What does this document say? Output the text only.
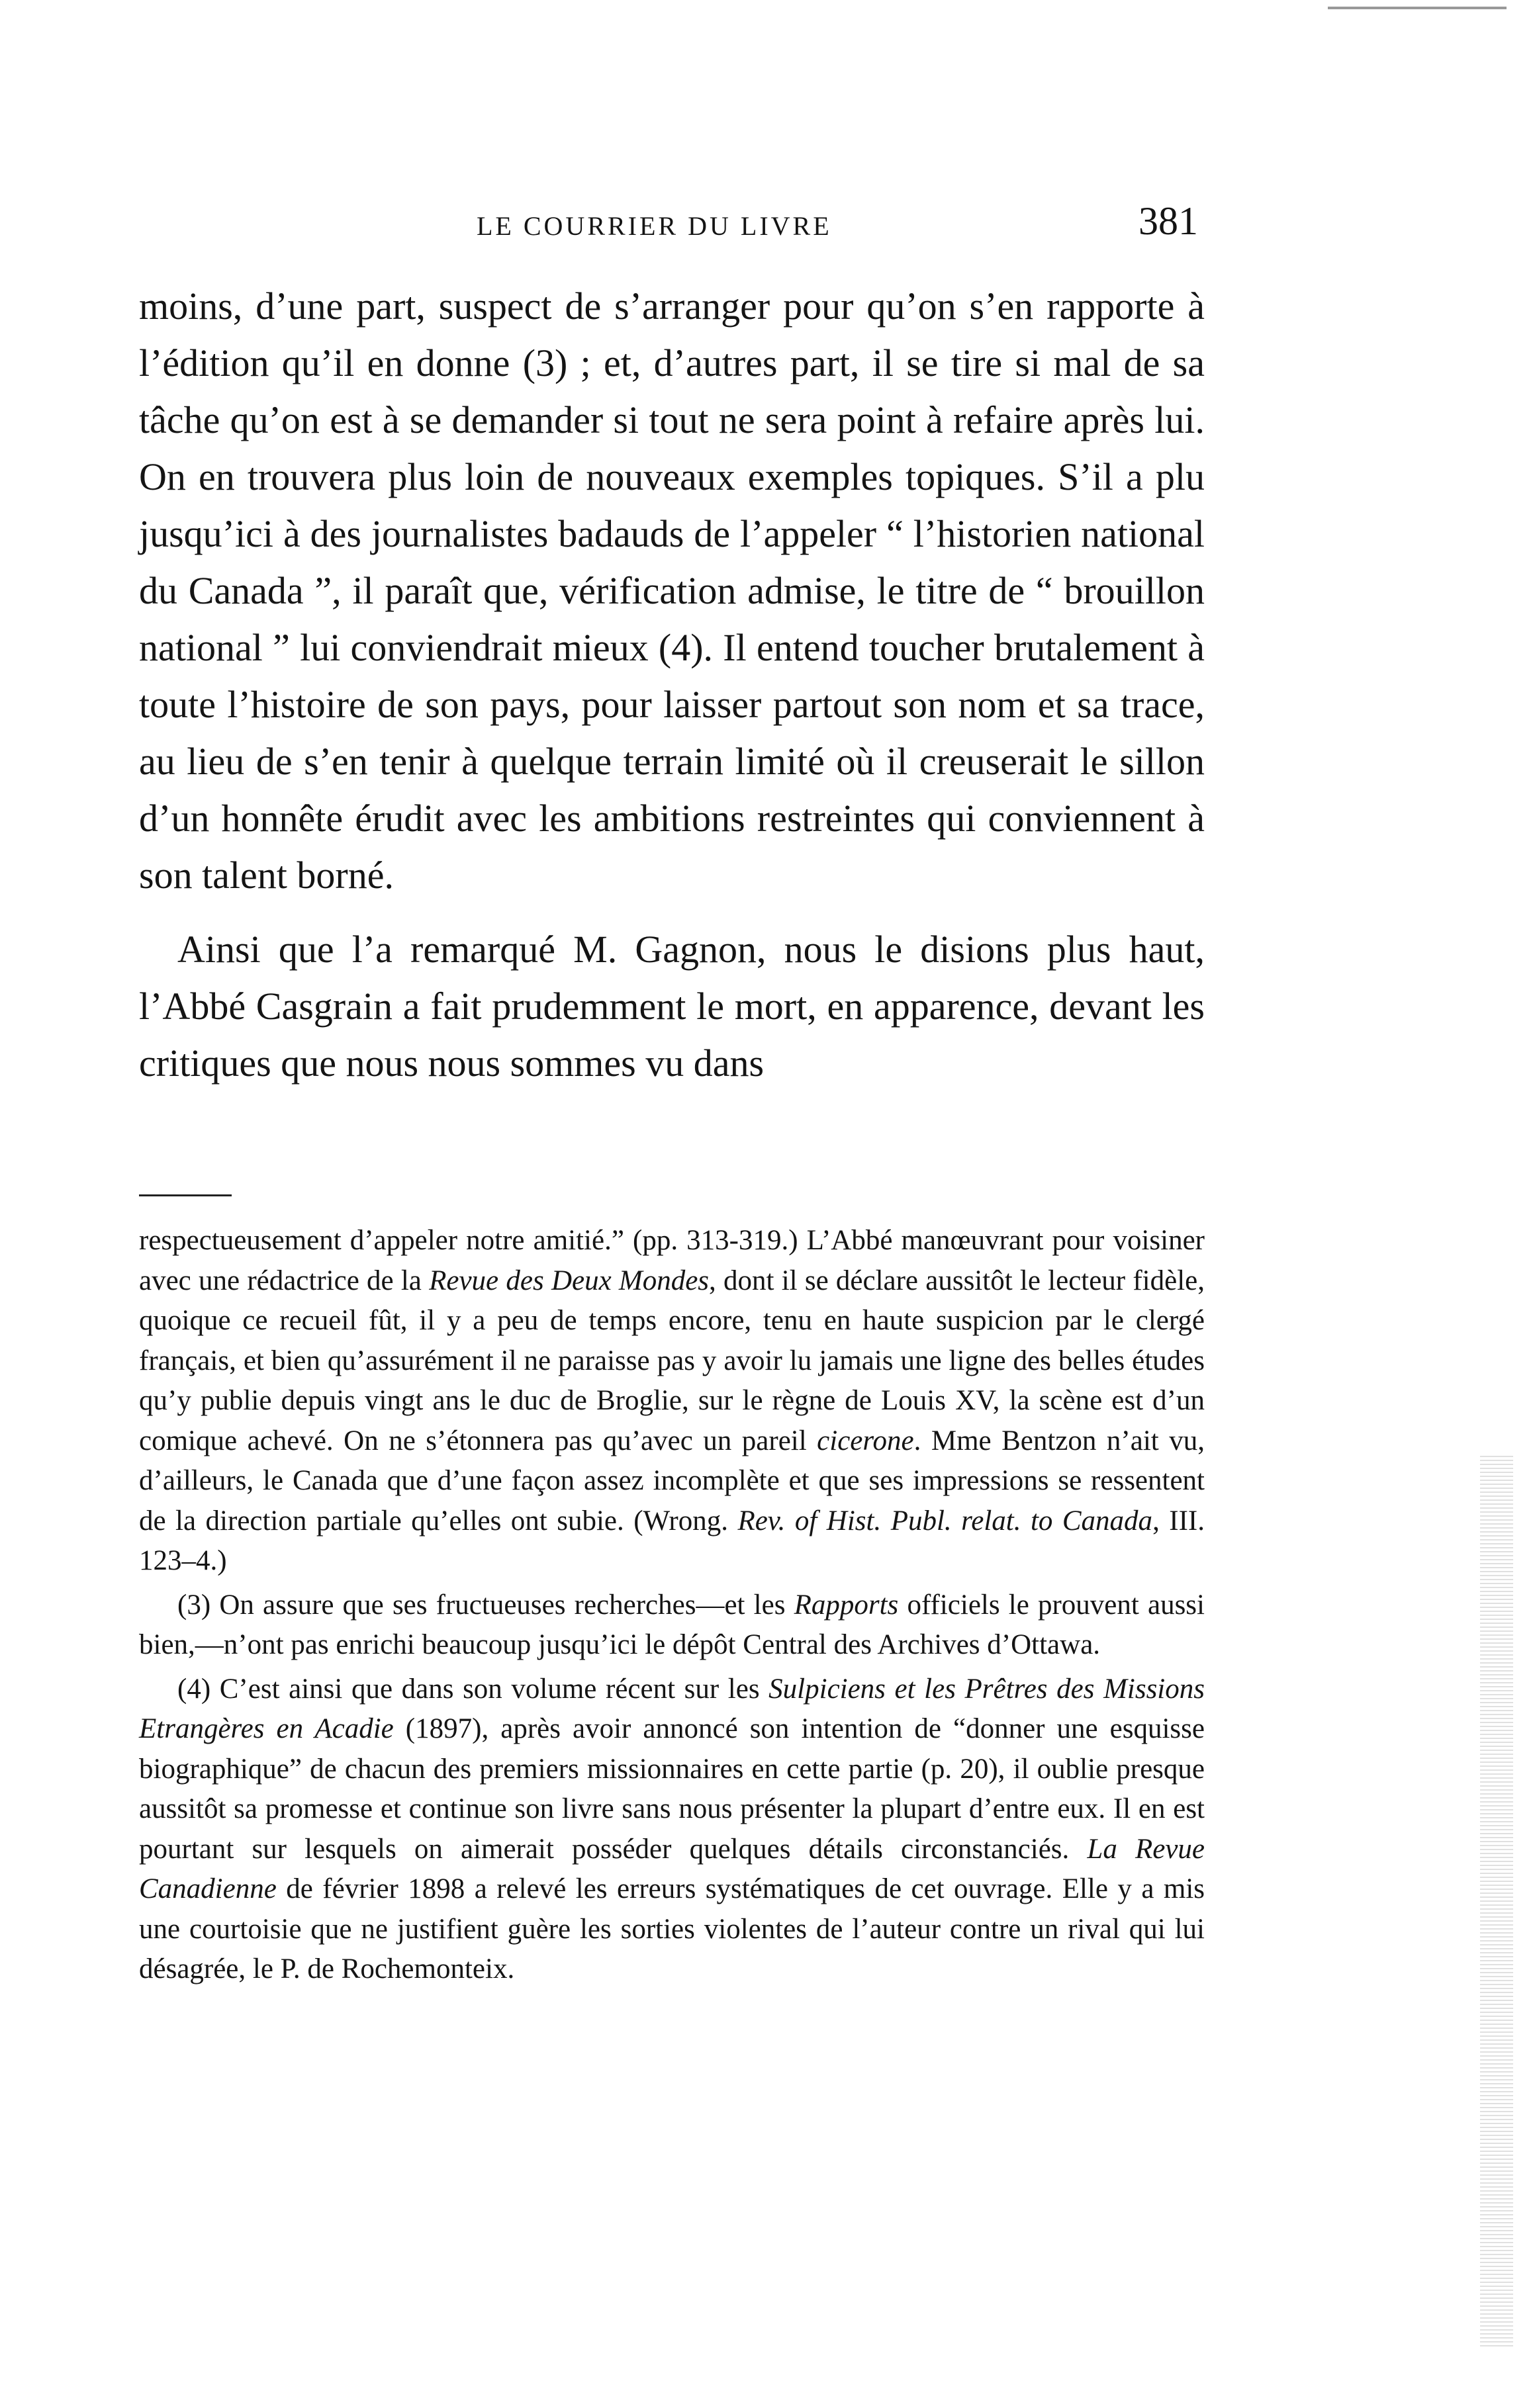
LE COURRIER DU LIVRE	381

moins, d’une part, suspect de s’arranger pour qu’on s’en rapporte à l’édition qu’il en donne (3) ; et, d’autres part, il se tire si mal de sa tâche qu’on est à se demander si tout ne sera point à refaire après lui. On en trouvera plus loin de nouveaux exemples topiques. S’il a plu jusqu’ici à des journalistes badauds de l’appeler “ l’historien national du Canada ”, il paraît que, vérification admise, le titre de “ brouillon national ” lui conviendrait mieux (4). Il entend toucher brutalement à toute l’histoire de son pays, pour laisser partout son nom et sa trace, au lieu de s’en tenir à quelque terrain limité où il creuserait le sillon d’un honnête érudit avec les ambitions restreintes qui conviennent à son talent borné.

Ainsi que l’a remarqué M. Gagnon, nous le disions plus haut, l’Abbé Casgrain a fait prudemment le mort, en apparence, devant les critiques que nous nous sommes vu dans

respectueusement d’appeler notre amitié.” (pp. 313-319.) L’Abbé manœuvrant pour voisiner avec une rédactrice de la Revue des Deux Mondes, dont il se déclare aussitôt le lecteur fidèle, quoique ce recueil fût, il y a peu de temps encore, tenu en haute suspicion par le clergé français, et bien qu’assurément il ne paraisse pas y avoir lu jamais une ligne des belles études qu’y publie depuis vingt ans le duc de Broglie, sur le règne de Louis XV, la scène est d’un comique achevé. On ne s’étonnera pas qu’avec un pareil cicerone. Mme Bentzon n’ait vu, d’ailleurs, le Canada que d’une façon assez incomplète et que ses impressions se ressentent de la direction partiale qu’elles ont subie. (Wrong. Rev. of Hist. Publ. relat. to Canada, III. 123–4.)

(3) On assure que ses fructueuses recherches—et les Rapports officiels le prouvent aussi bien,—n’ont pas enrichi beaucoup jusqu’ici le dépôt Central des Archives d’Ottawa.

(4) C’est ainsi que dans son volume récent sur les Sulpiciens et les Prêtres des Missions Etrangères en Acadie (1897), après avoir annoncé son intention de “donner une esquisse biographique” de chacun des premiers missionnaires en cette partie (p. 20), il oublie presque aussitôt sa promesse et continue son livre sans nous présenter la plupart d’entre eux. Il en est pourtant sur lesquels on aimerait posséder quelques détails circonstanciés. La Revue Canadienne de février 1898 a relevé les erreurs systématiques de cet ouvrage. Elle y a mis une courtoisie que ne justifient guère les sorties violentes de l’auteur contre un rival qui lui désagrée, le P. de Rochemonteix.
